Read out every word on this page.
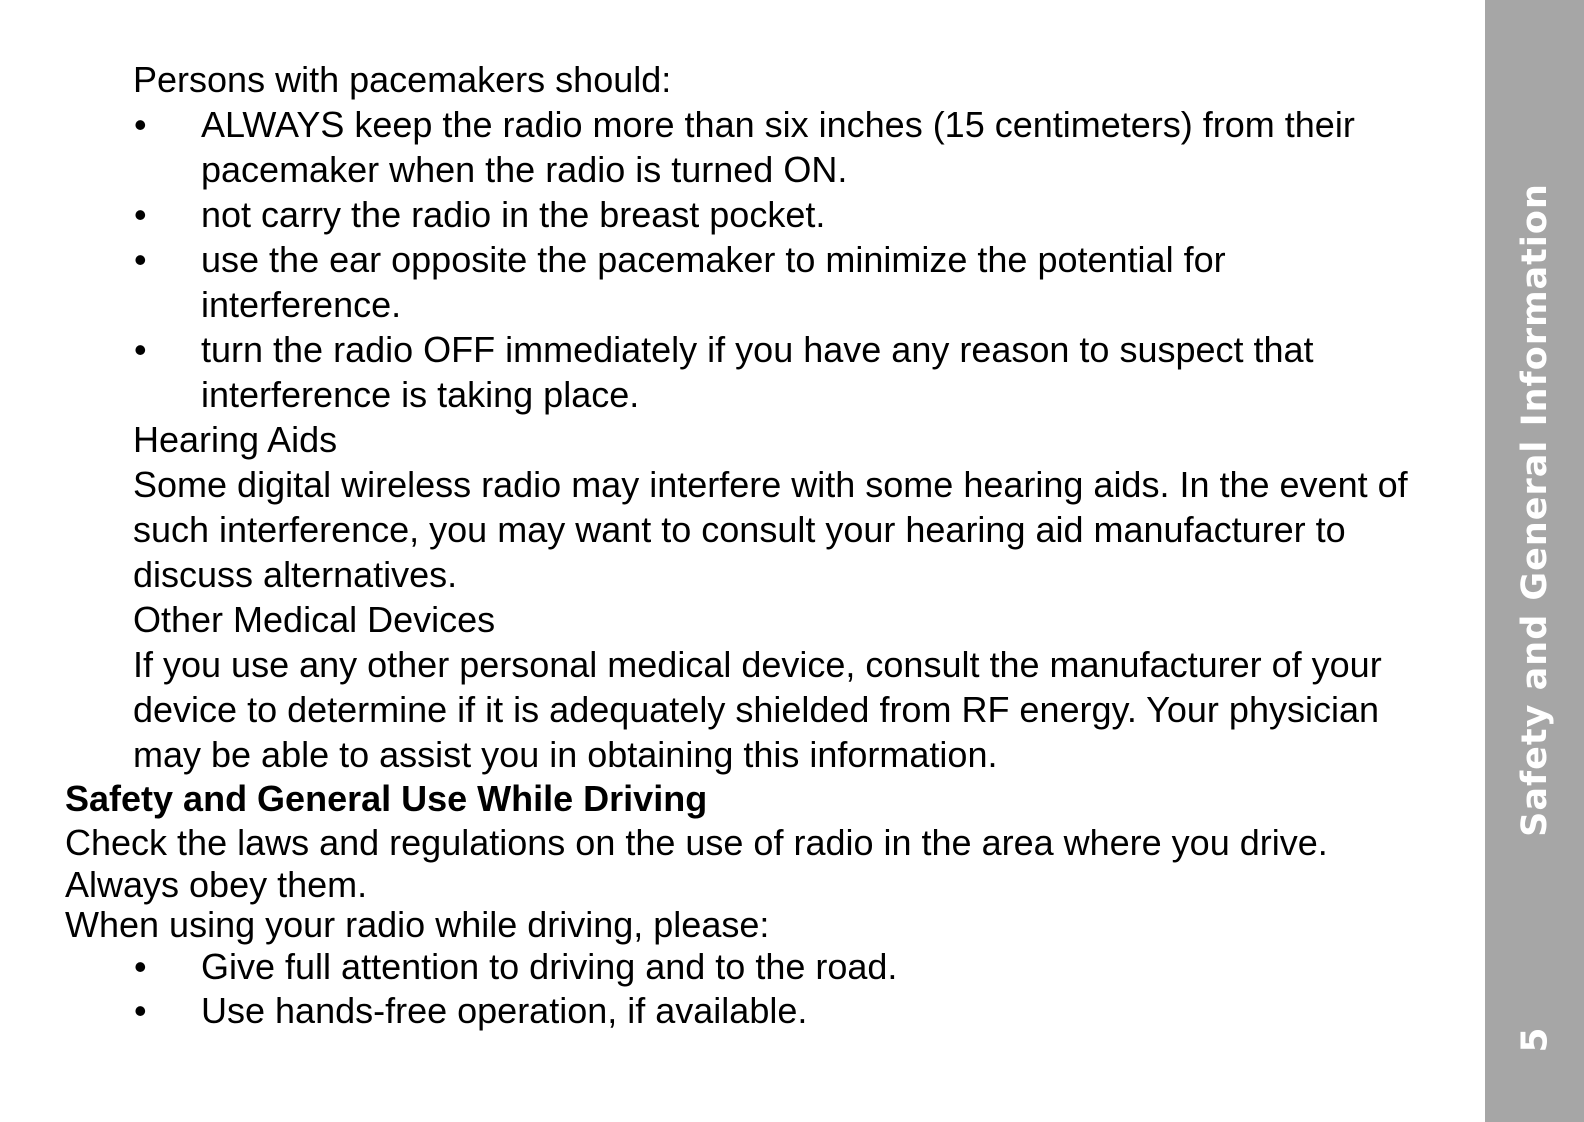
Persons with pacemakers should:

• ALWAYS keep the radio more than six inches (15 centimeters) from their
pacemaker when the radio is turned ON.
• not carry the radio in the breast pocket.
• use the ear opposite the pacemaker to minimize the potential for
interference.
• turn the radio OFF immediately if you have any reason to suspect that
interference is taking place.

Hearing Aids

Some digital wireless radio may interfere with some hearing aids. In the event of

such interference, you may want to consult your hearing aid manufacturer to

discuss alternatives.

Other Medical Devices

If you use any other personal medical device, consult the manufacturer of your

device to determine if it is adequately shielded from RF energy. Your physician

may be able to assist you in obtaining this information.

Safety and General Use While Driving

Check the laws and regulations on the use of radio in the area where you drive.

Always obey them.

When using your radio while driving, please:

• Give full attention to driving and to the road.
• Use hands-free operation, if available.
Safety and General Information
5
